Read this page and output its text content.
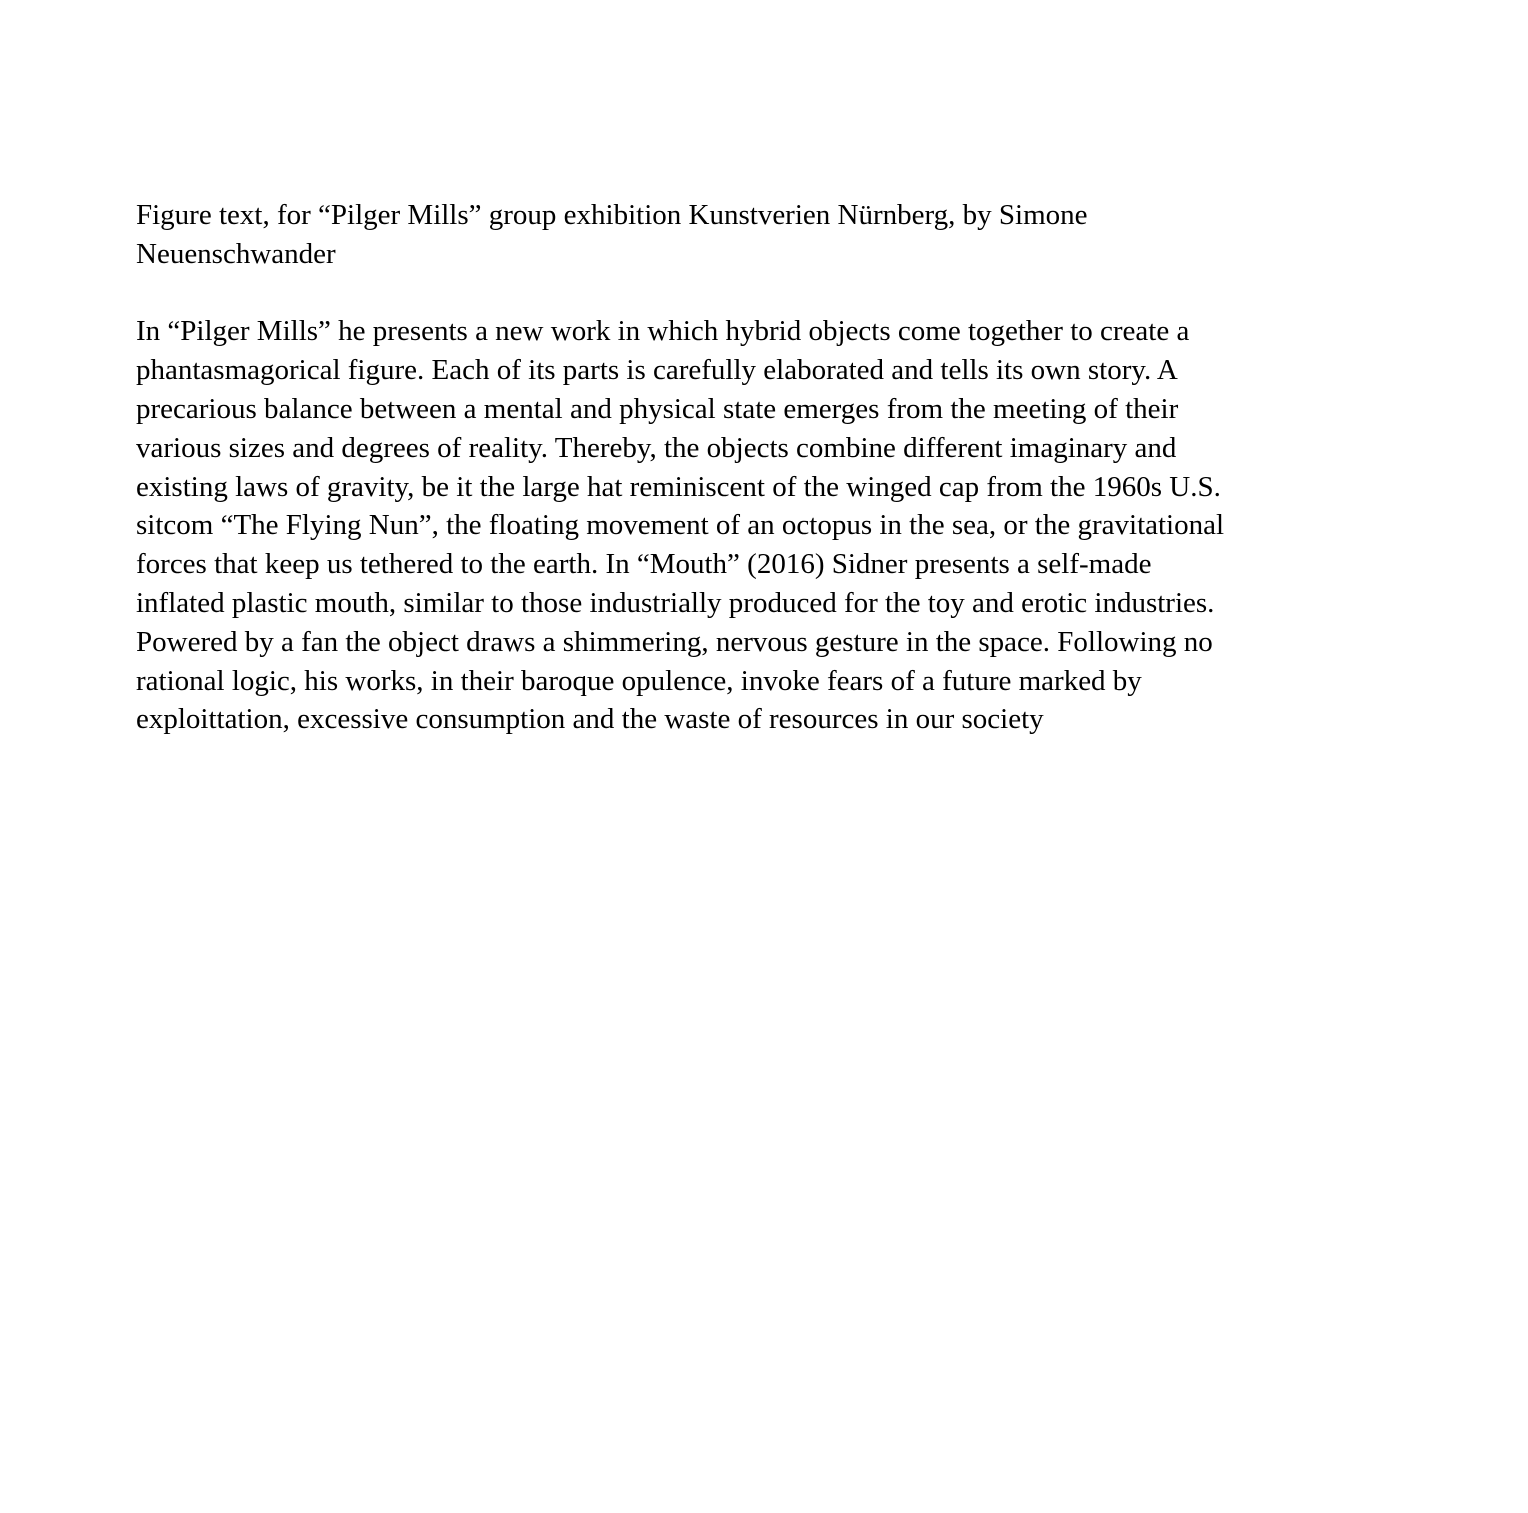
Figure text, for “Pilger Mills” group exhibition Kunstverien Nürnberg, by Simone
Neuenschwander
In “Pilger Mills” he presents a new work in which hybrid objects come together to create a
phantasmagorical figure. Each of its parts is carefully elaborated and tells its own story. A
precarious balance between a mental and physical state emerges from the meeting of their
various sizes and degrees of reality. Thereby, the objects combine different imaginary and
existing laws of gravity, be it the large hat reminiscent of the winged cap from the 1960s U.S.
sitcom “The Flying Nun”, the floating movement of an octopus in the sea, or the gravitational
forces that keep us tethered to the earth. In “Mouth” (2016) Sidner presents a self-made
inflated plastic mouth, similar to those industrially produced for the toy and erotic industries.
Powered by a fan the object draws a shimmering, nervous gesture in the space. Following no
rational logic, his works, in their baroque opulence, invoke fears of a future marked by
exploittation, excessive consumption and the waste of resources in our society
